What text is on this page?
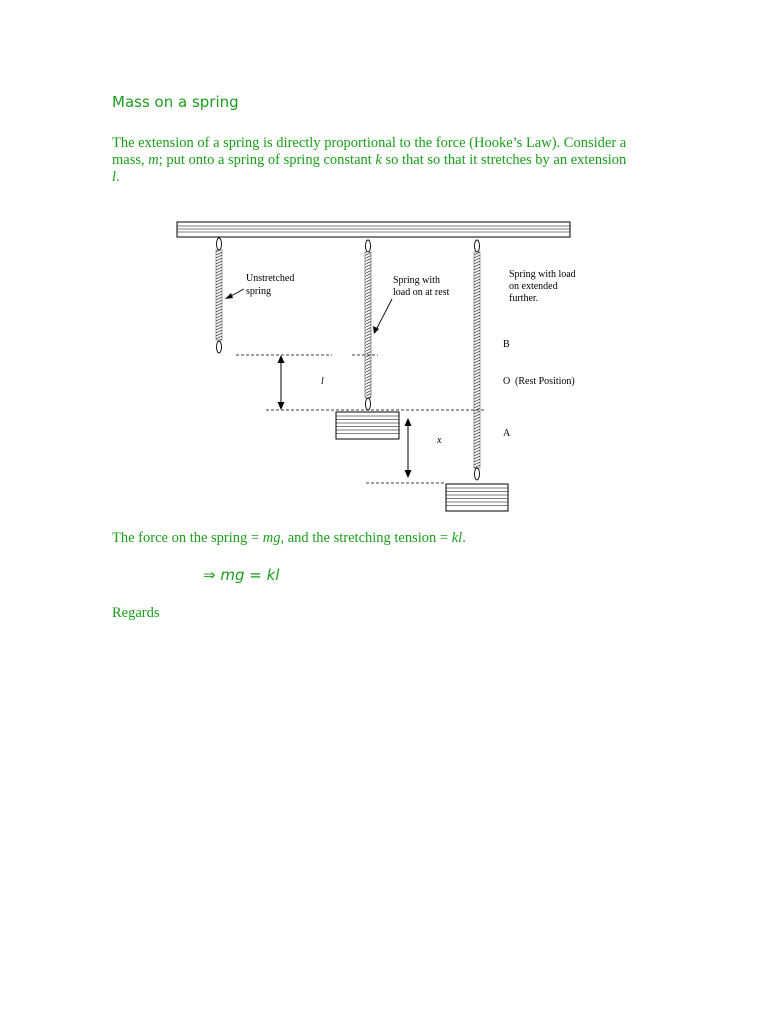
Mass on a spring

The extension of a spring is directly proportional to the force (Hooke’s Law). Consider a mass, m; put onto a spring of spring constant k so that so that it stretches by an extension
l.

Unstretched
spring
Spring with
load on at rest
Spring with load
on extended
further.
B
O (Rest Position)
A
l
x

The force on the spring = mg, and the stretching tension = kl.

⇒ mg = kl

Regards
